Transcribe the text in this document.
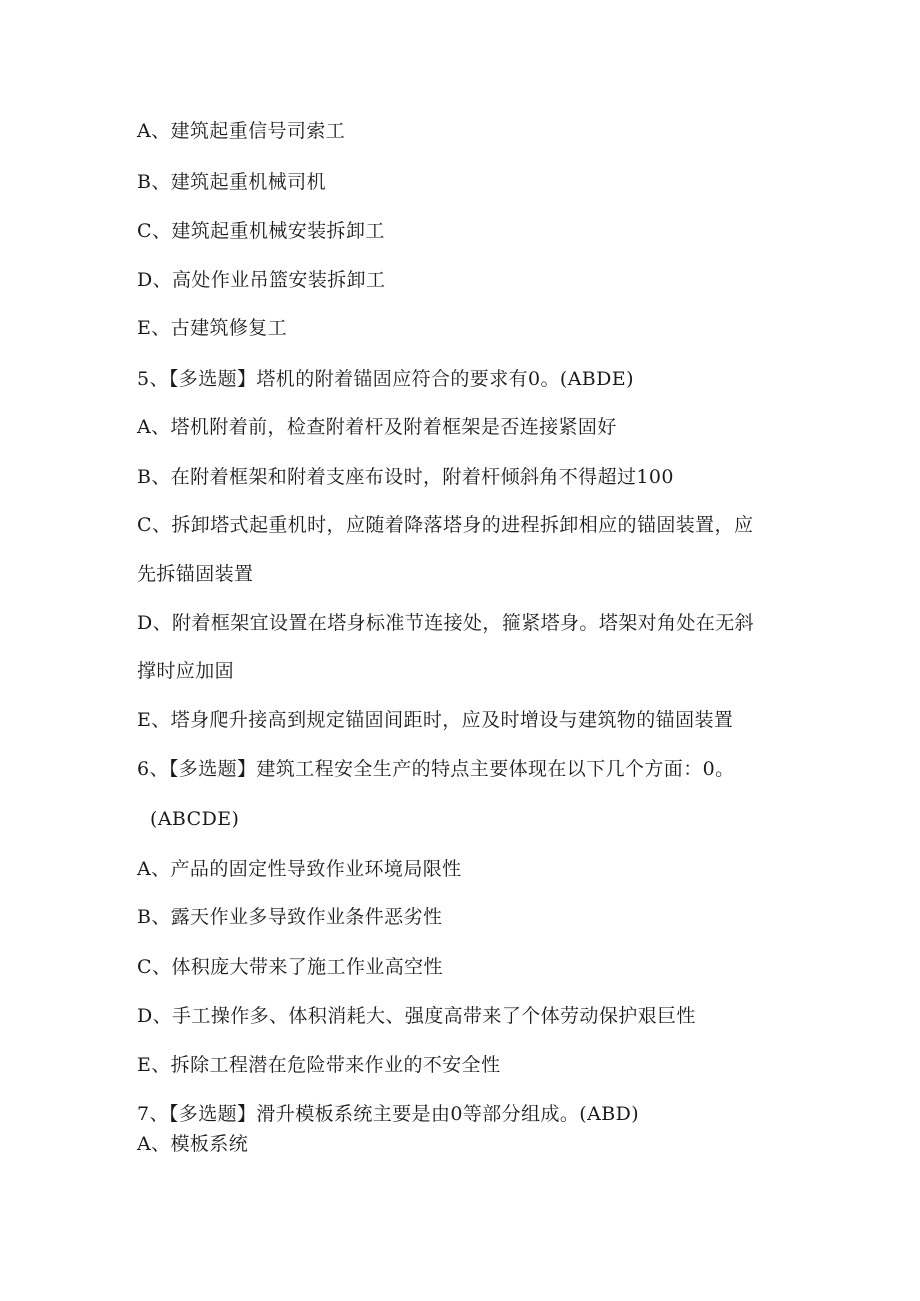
A、建筑起重信号司索工
B、建筑起重机械司机
C、建筑起重机械安装拆卸工
D、高处作业吊篮安装拆卸工
E、古建筑修复工
5、【多选题】塔机的附着锚固应符合的要求有0。(ABDE)
A、塔机附着前，检查附着杆及附着框架是否连接紧固好
B、在附着框架和附着支座布设时，附着杆倾斜角不得超过100
C、拆卸塔式起重机时，应随着降落塔身的进程拆卸相应的锚固装置，应
先拆锚固装置
D、附着框架宜设置在塔身标准节连接处，箍紧塔身。塔架对角处在无斜
撑时应加固
E、塔身爬升接高到规定锚固间距时，应及时增设与建筑物的锚固装置
6、【多选题】建筑工程安全生产的特点主要体现在以下几个方面：0。
(ABCDE)
A、产品的固定性导致作业环境局限性
B、露天作业多导致作业条件恶劣性
C、体积庞大带来了施工作业高空性
D、手工操作多、体积消耗大、强度高带来了个体劳动保护艰巨性
E、拆除工程潜在危险带来作业的不安全性
7、【多选题】滑升模板系统主要是由0等部分组成。(ABD)
A、模板系统
